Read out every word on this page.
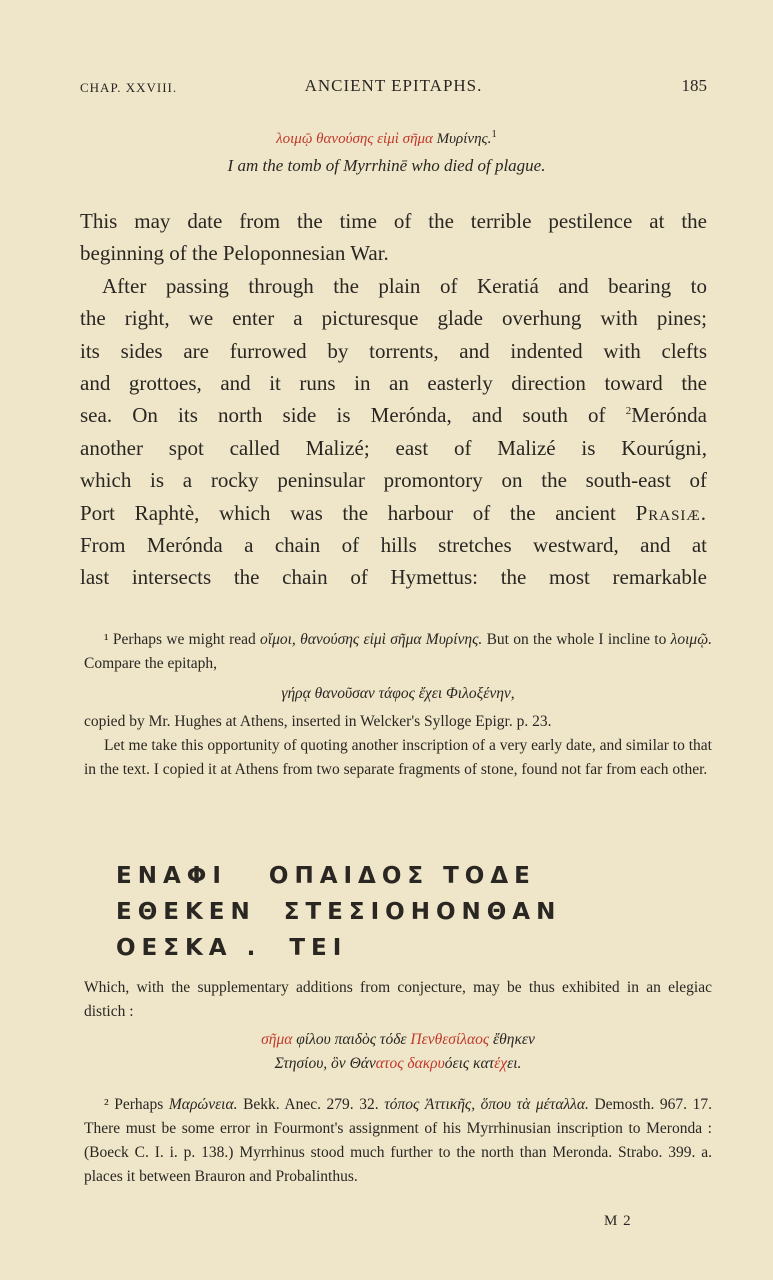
CHAP. XXVIII.	ANCIENT EPITAPHS.	185
λοιμῷ θανούσης εἰμὶ σῆμα Μυρίνης.$^1$
I am the tomb of Myrrhinē who died of plague.

This may date from the time of the terrible pestilence at the

beginning of the Peloponnesian War.

After passing through the plain of Keratiá and bearing to

the right, we enter a picturesque glade overhung with pines;

its sides are furrowed by torrents, and indented with clefts

and grottoes, and it runs in an easterly direction toward the

sea. On its north side is Merónda, and south of $^2$Merónda

another spot called Malizé; east of Malizé is Kourúgni,

which is a rocky peninsular promontory on the south-east of

Port Raphtè, which was the harbour of the ancient Prasiæ.

From Merónda a chain of hills stretches westward, and at

last intersects the chain of Hymettus: the most remarkable

¹ Perhaps we might read οἴμοι, θανούσης εἰμὶ σῆμα Μυρίνης. But on the whole I incline to λοιμῷ. Compare the epitaph,

γήρᾳ θανοῦσαν τάφος ἔχει Φιλοξένην,

copied by Mr. Hughes at Athens, inserted in Welcker's Sylloge Epigr. p. 23.

Let me take this opportunity of quoting another inscription of a very early date, and similar to that in the text. I copied it at Athens from two separate fragments of stone, found not far from each other.

ΕΝΑΦΙ   ΟΠΑΙΔΟΣ ΤΟΔΕ
ΕΘΕΚΕΝ  ΣΤΕΣΙΟΗΟΝΘΑΝ
ΟΕΣΚΑ .  ΤΕΙ

Which, with the supplementary additions from conjecture, may be thus exhibited in an elegiac distich :

σῆμα φίλου παιδὸς τόδε Πενθεσίλαος ἔθηκεν

Στησίου, ὃν Θάνατος δακρυόεις κατέχει.

² Perhaps Μαρώνεια. Bekk. Anec. 279. 32. τόπος Ἀττικῆς, ὅπου τὰ μέταλλα. Demosth. 967. 17. There must be some error in Fourmont's assignment of his Myrrhinusian inscription to Meronda : (Boeck C. I. i. p. 138.) Myrrhinus stood much further to the north than Meronda. Strabo. 399. a. places it between Brauron and Probalinthus.

M 2
